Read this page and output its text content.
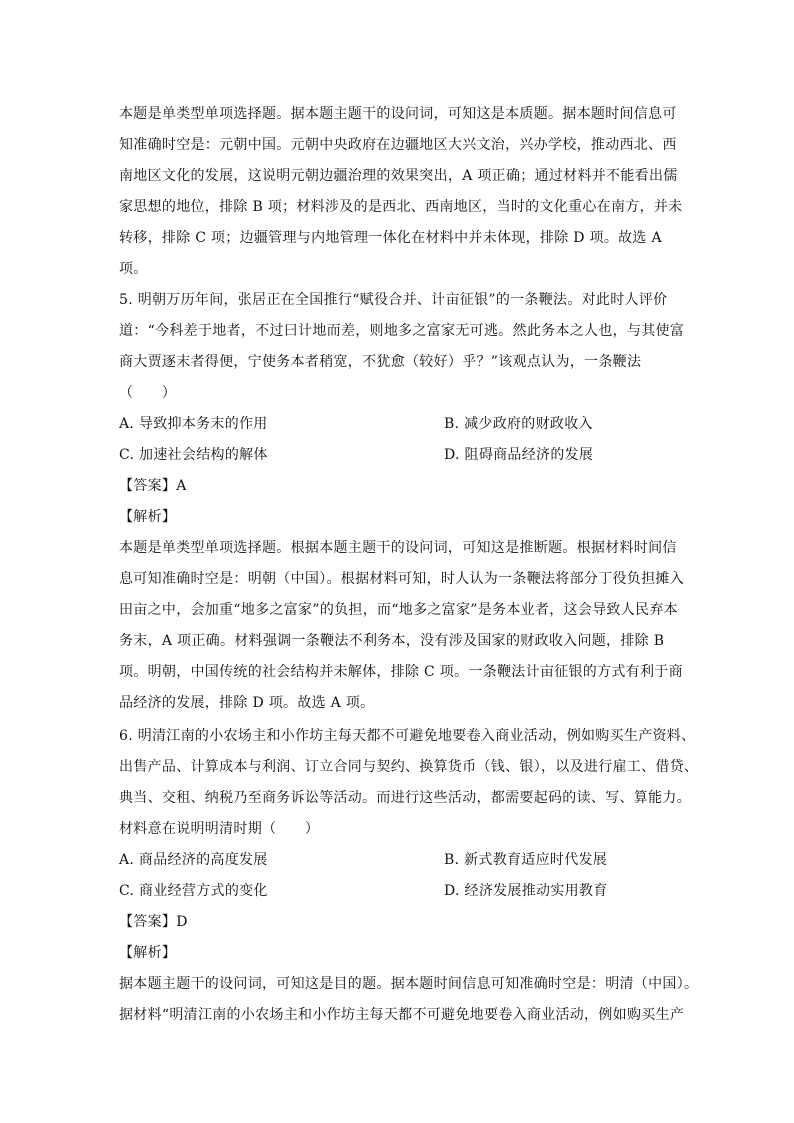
本题是单类型单项选择题。据本题主题干的设问词，可知这是本质题。据本题时间信息可
知准确时空是：元朝中国。元朝中央政府在边疆地区大兴文治，兴办学校，推动西北、西
南地区文化的发展，这说明元朝边疆治理的效果突出，A 项正确；通过材料并不能看出儒
家思想的地位，排除 B 项；材料涉及的是西北、西南地区，当时的文化重心在南方，并未
转移，排除 C 项；边疆管理与内地管理一体化在材料中并未体现，排除 D 项。故选 A
项。
5. 明朝万历年间，张居正在全国推行“赋役合并、计亩征银”的一条鞭法。对此时人评价
道：“今科差于地者，不过曰计地而差，则地多之富家无可逃。然此务本之人也，与其使富
商大贾逐末者得便，宁使务本者稍宽，不犹愈（较好）乎？”该观点认为，一条鞭法
（　　）
A. 导致抑本务末的作用	B. 减少政府的财政收入
C. 加速社会结构的解体	D. 阻碍商品经济的发展
【答案】A
【解析】
本题是单类型单项选择题。根据本题主题干的设问词，可知这是推断题。根据材料时间信
息可知准确时空是：明朝（中国）。根据材料可知，时人认为一条鞭法将部分丁役负担摊入
田亩之中，会加重“地多之富家”的负担，而“地多之富家”是务本业者，这会导致人民弃本
务末，A 项正确。材料强调一条鞭法不利务本，没有涉及国家的财政收入问题，排除 B
项。明朝，中国传统的社会结构并未解体，排除 C 项。一条鞭法计亩征银的方式有利于商
品经济的发展，排除 D 项。故选 A 项。
6. 明清江南的小农场主和小作坊主每天都不可避免地要卷入商业活动，例如购买生产资料、
出售产品、计算成本与利润、订立合同与契约、换算货币（钱、银），以及进行雇工、借贷、
典当、交租、纳税乃至商务诉讼等活动。而进行这些活动，都需要起码的读、写、算能力。
材料意在说明明清时期（　　）
A. 商品经济的高度发展	B. 新式教育适应时代发展
C. 商业经营方式的变化	D. 经济发展推动实用教育
【答案】D
【解析】
据本题主题干的设问词，可知这是目的题。据本题时间信息可知准确时空是：明清（中国）。
据材料“明清江南的小农场主和小作坊主每天都不可避免地要卷入商业活动，例如购买生产
